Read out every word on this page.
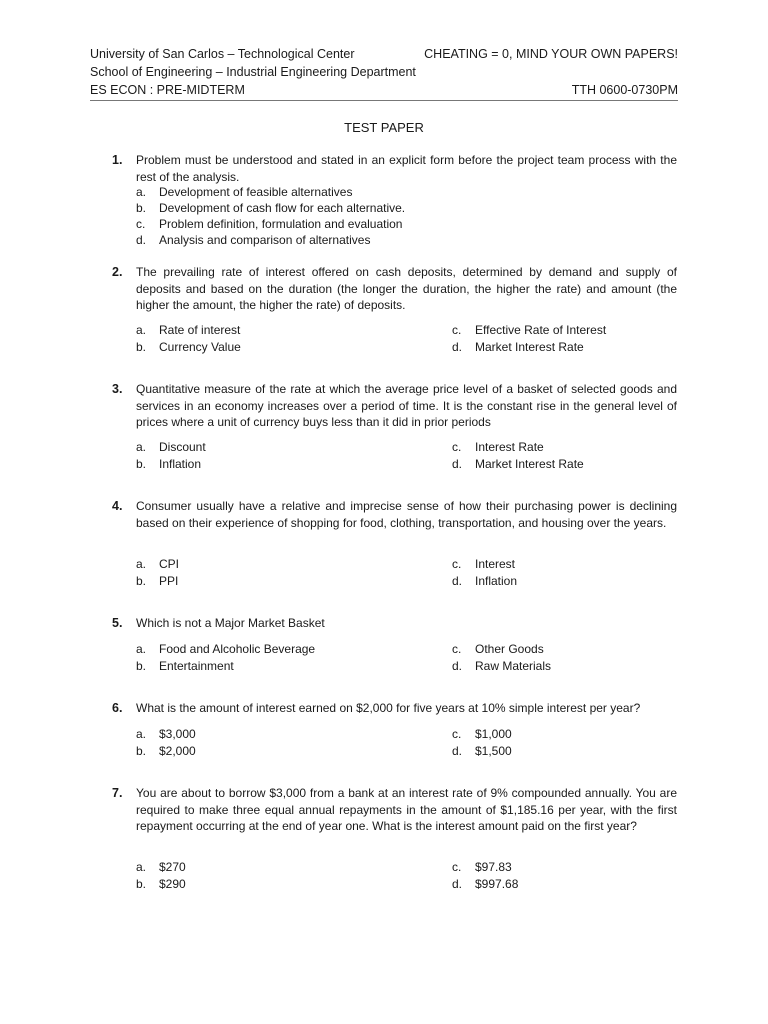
University of San Carlos – Technological Center	CHEATING = 0, MIND YOUR OWN PAPERS!
School of Engineering – Industrial Engineering Department
ES ECON : PRE-MIDTERM	TTH 0600-0730PM
TEST PAPER
1. Problem must be understood and stated in an explicit form before the project team process with the rest of the analysis.
a. Development of feasible alternatives
b. Development of cash flow for each alternative.
c. Problem definition, formulation and evaluation
d. Analysis and comparison of alternatives
2. The prevailing rate of interest offered on cash deposits, determined by demand and supply of deposits and based on the duration (the longer the duration, the higher the rate) and amount (the higher the amount, the higher the rate) of deposits.
a. Rate of interest
b. Currency Value
c. Effective Rate of Interest
d. Market Interest Rate
3. Quantitative measure of the rate at which the average price level of a basket of selected goods and services in an economy increases over a period of time. It is the constant rise in the general level of prices where a unit of currency buys less than it did in prior periods
a. Discount
b. Inflation
c. Interest Rate
d. Market Interest Rate
4. Consumer usually have a relative and imprecise sense of how their purchasing power is declining based on their experience of shopping for food, clothing, transportation, and housing over the years.
a. CPI
b. PPI
c. Interest
d. Inflation
5. Which is not a Major Market Basket
a. Food and Alcoholic Beverage
b. Entertainment
c. Other Goods
d. Raw Materials
6. What is the amount of interest earned on $2,000 for five years at 10% simple interest per year?
a. $3,000
b. $2,000
c. $1,000
d. $1,500
7. You are about to borrow $3,000 from a bank at an interest rate of 9% compounded annually. You are required to make three equal annual repayments in the amount of $1,185.16 per year, with the first repayment occurring at the end of year one. What is the interest amount paid on the first year?
a. $270
b. $290
c. $97.83
d. $997.68
